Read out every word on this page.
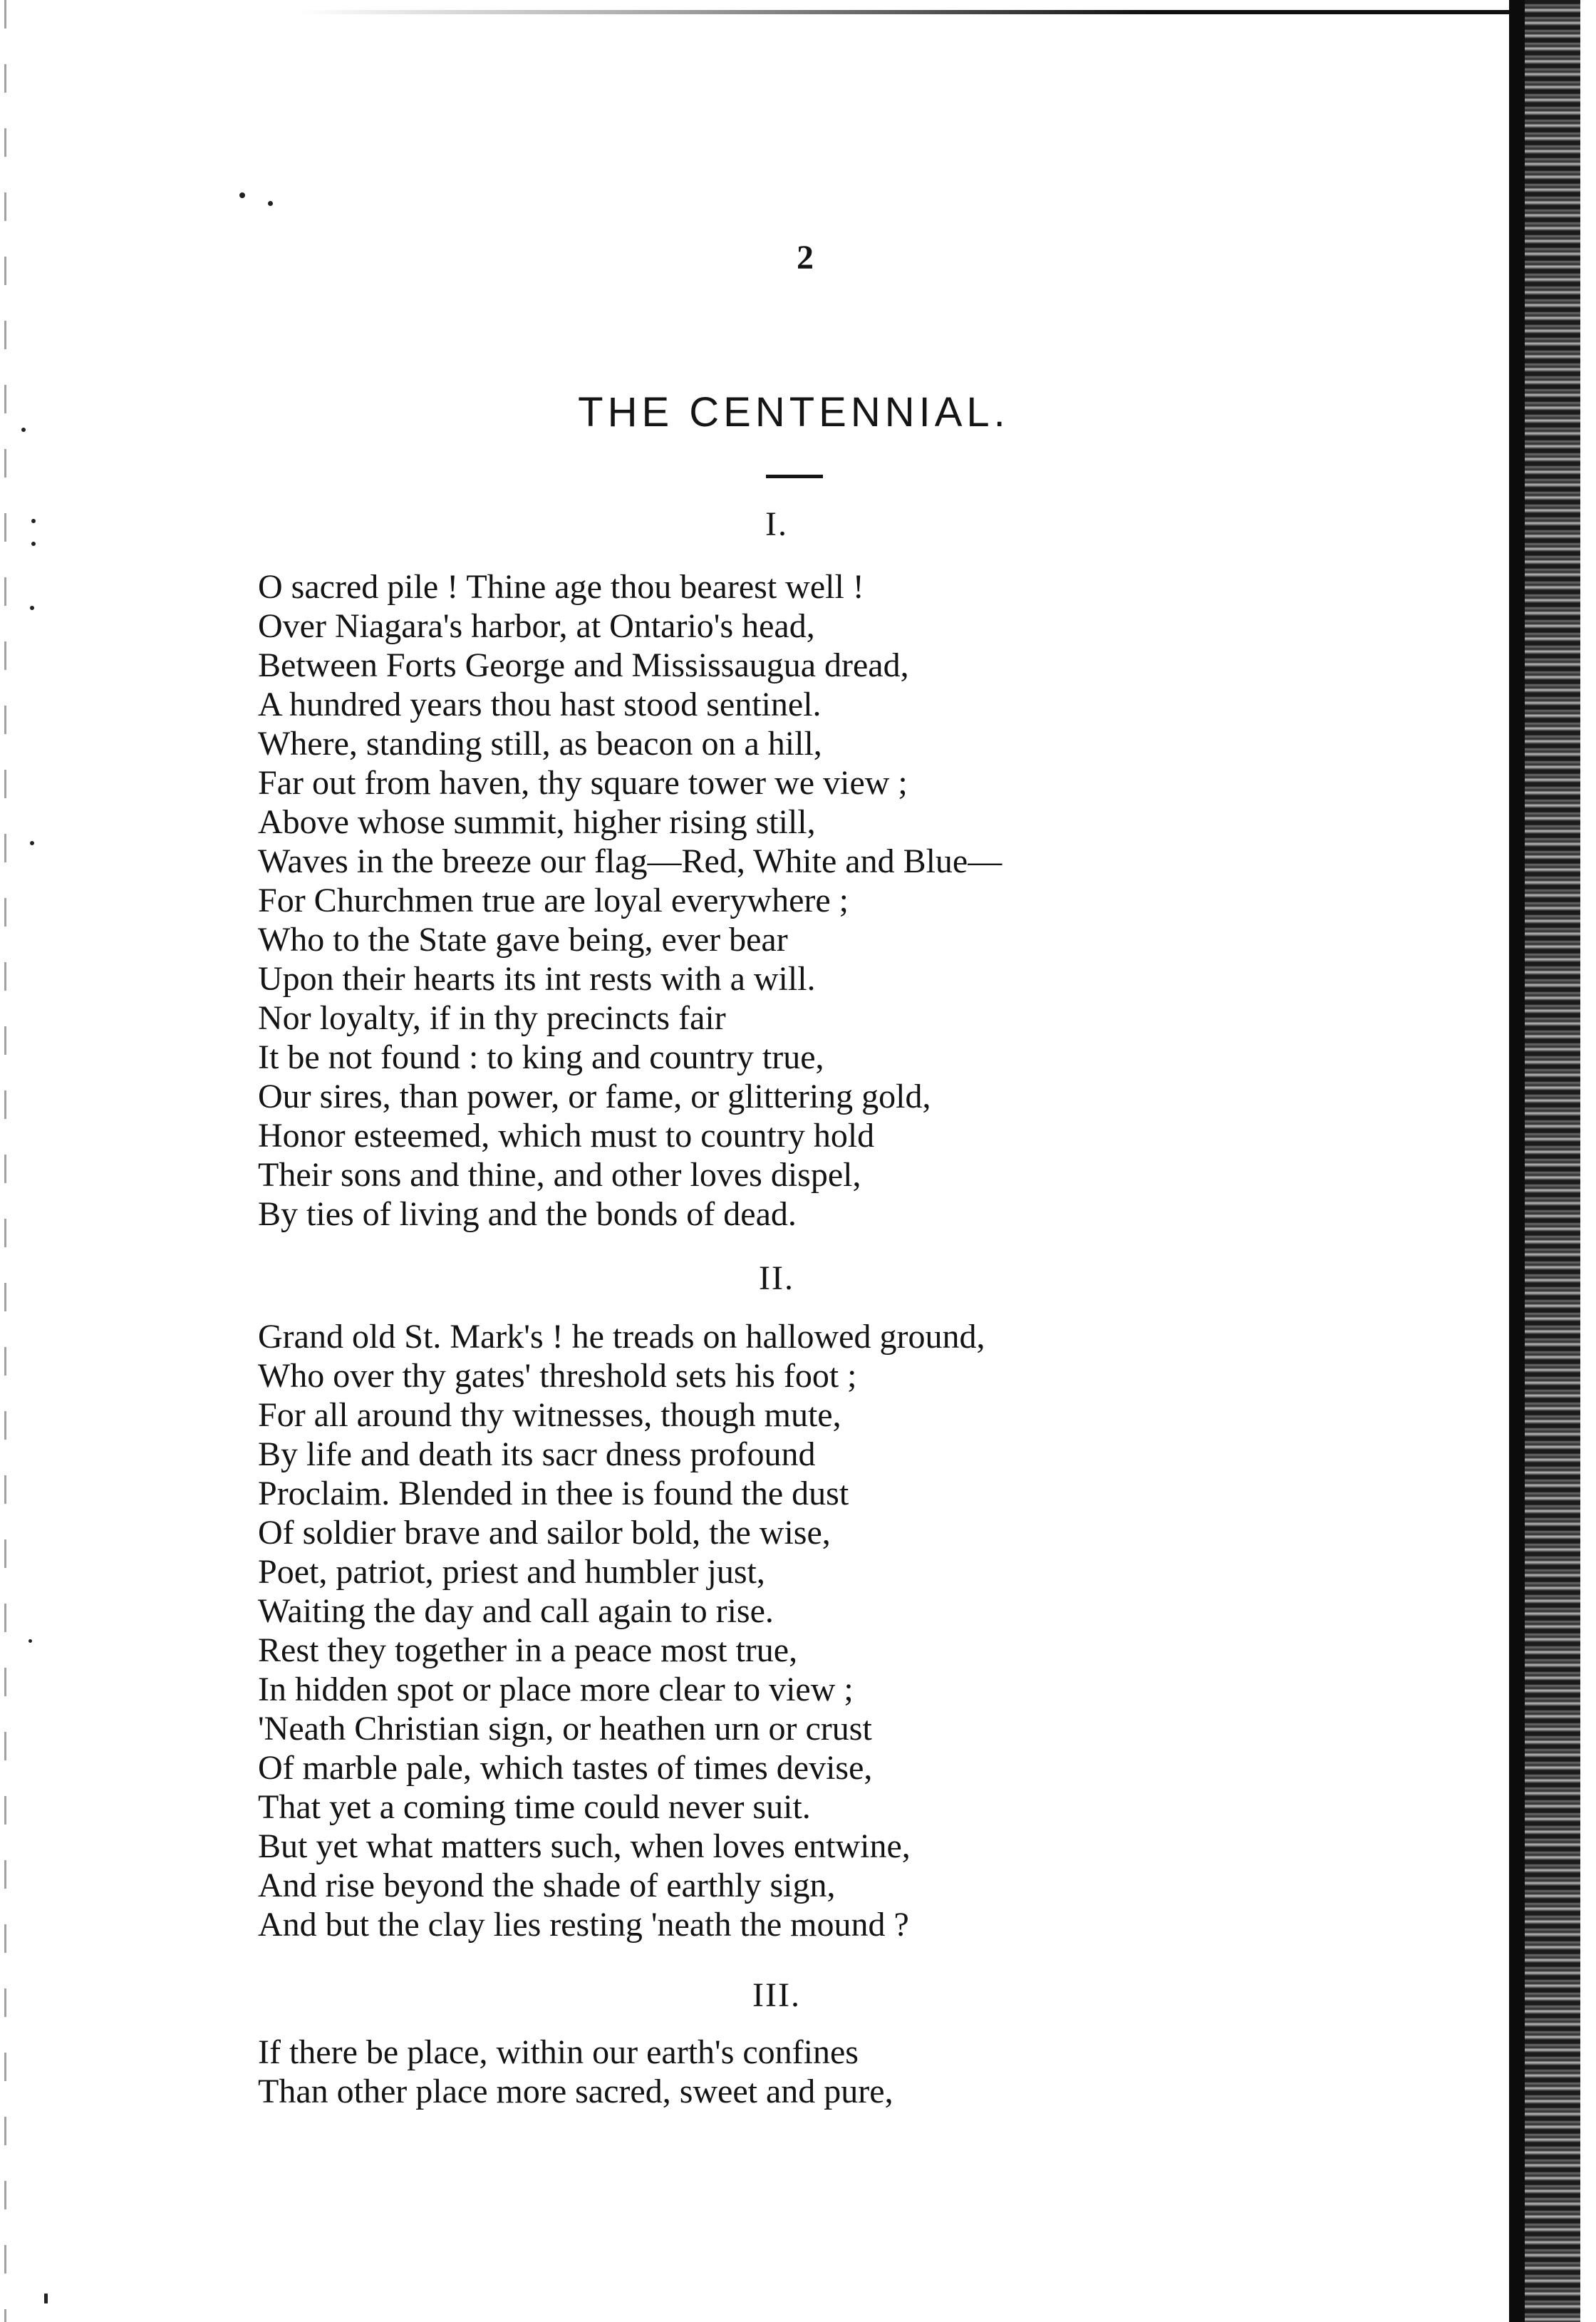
2
THE CENTENNIAL.
I.
O sacred pile ! Thine age thou bearest well !
Over Niagara's harbor, at Ontario's head,
Between Forts George and Mississaugua dread,
A hundred years thou hast stood sentinel.
Where, standing still, as beacon on a hill,
Far out from haven, thy square tower we view ;
Above whose summit, higher rising still,
Waves in the breeze our flag—Red, White and Blue—
For Churchmen true are loyal everywhere ;
Who to the State gave being, ever bear
Upon their hearts its int rests with a will.
Nor loyalty, if in thy precincts fair
It be not found : to king and country true,
Our sires, than power, or fame, or glittering gold,
Honor esteemed, which must to country hold
Their sons and thine, and other loves dispel,
By ties of living and the bonds of dead.
II.
Grand old St. Mark's ! he treads on hallowed ground,
Who over thy gates' threshold sets his foot ;
For all around thy witnesses, though mute,
By life and death its sacr dness profound
Proclaim. Blended in thee is found the dust
Of soldier brave and sailor bold, the wise,
Poet, patriot, priest and humbler just,
Waiting the day and call again to rise.
Rest they together in a peace most true,
In hidden spot or place more clear to view ;
'Neath Christian sign, or heathen urn or crust
Of marble pale, which tastes of times devise,
That yet a coming time could never suit.
But yet what matters such, when loves entwine,
And rise beyond the shade of earthly sign,
And but the clay lies resting 'neath the mound ?
III.
If there be place, within our earth's confines
Than other place more sacred, sweet and pure,
